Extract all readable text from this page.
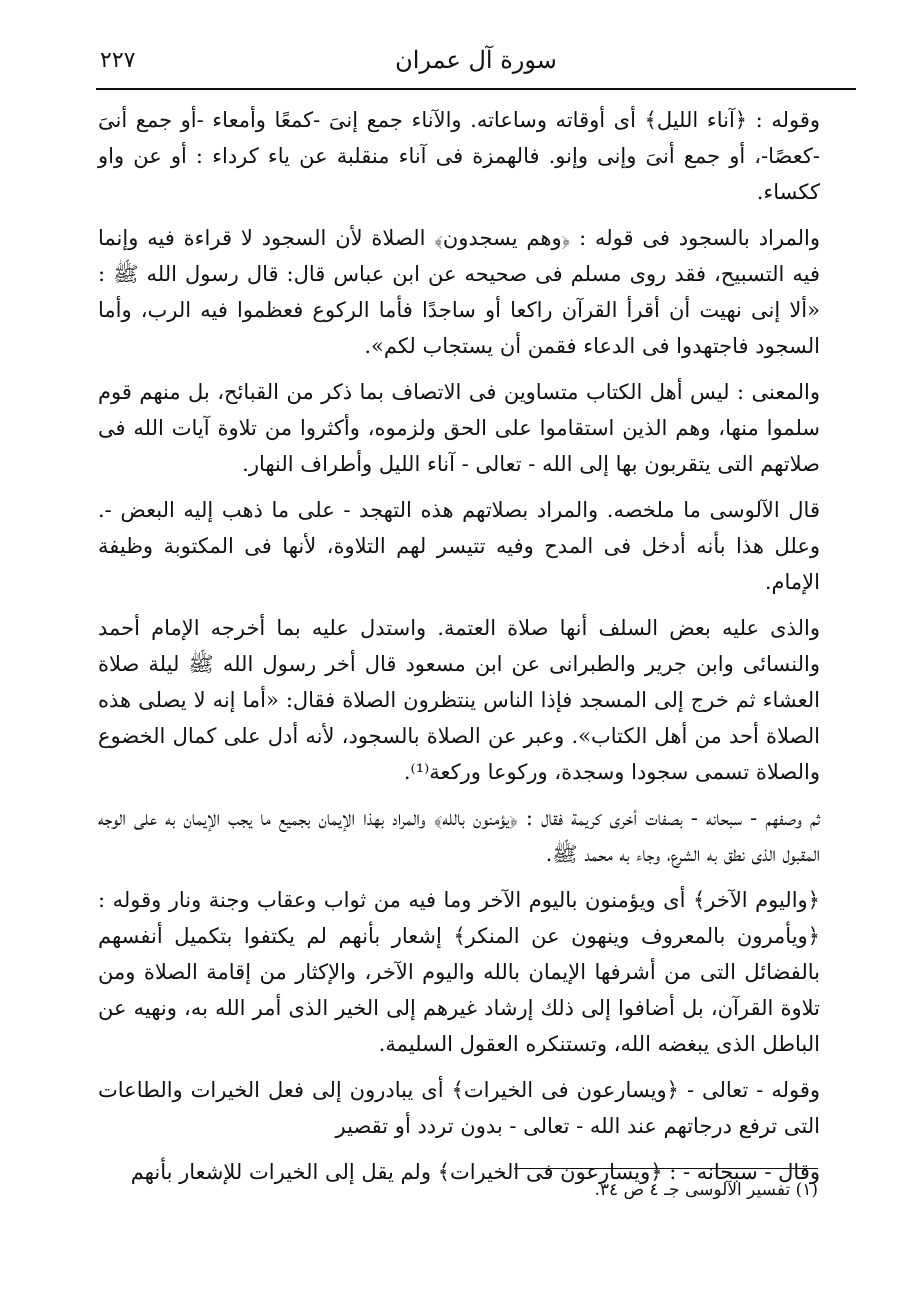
٢٢٧	سورة آل عمران

وقوله : ﴿آناء الليل﴾ أى أوقاته وساعاته. والآناء جمع إنىَ -كمعًا وأمعاء -أو جمع أنىَ -كعصًا-، أو جمع أنىَ وإنى وإنو. فالهمزة فى آناء منقلبة عن ياء كرداء : أو عن واو ككساء.

والمراد بالسجود فى قوله : ﴿وهم يسجدون﴾ الصلاة لأن السجود لا قراءة فيه وإنما فيه التسبيح، فقد روى مسلم فى صحيحه عن ابن عباس قال: قال رسول الله ﷺ : «ألا إنى نهيت أن أقرأ القرآن راكعا أو ساجدًا فأما الركوع فعظموا فيه الرب، وأما السجود فاجتهدوا فى الدعاء فقمن أن يستجاب لكم».

والمعنى : ليس أهل الكتاب متساوين فى الاتصاف بما ذكر من القبائح، بل منهم قوم سلموا منها، وهم الذين استقاموا على الحق ولزموه، وأكثروا من تلاوة آيات الله فى صلاتهم التى يتقربون بها إلى الله - تعالى - آناء الليل وأطراف النهار.

قال الآلوسى ما ملخصه. والمراد بصلاتهم هذه التهجد - على ما ذهب إليه البعض -. وعلل هذا بأنه أدخل فى المدح وفيه تتيسر لهم التلاوة، لأنها فى المكتوبة وظيفة الإمام.

والذى عليه بعض السلف أنها صلاة العتمة. واستدل عليه بما أخرجه الإمام أحمد والنسائى وابن جرير والطبرانى عن ابن مسعود قال أخر رسول الله ﷺ ليلة صلاة العشاء ثم خرج إلى المسجد فإذا الناس ينتظرون الصلاة فقال: «أما إنه لا يصلى هذه الصلاة أحد من أهل الكتاب». وعبر عن الصلاة بالسجود، لأنه أدل على كمال الخضوع والصلاة تسمى سجودا وسجدة، وركوعا وركعة⁽¹⁾.

ثم وصفهم - سبحانه - بصفات أخرى كريمة فقال : ﴿يؤمنون بالله﴾ والمراد بهذا الإيمان بجميع ما يجب الإيمان به على الوجه المقبول الذى نطق به الشرع، وجاء به محمد ﷺ.

﴿واليوم الآخر﴾ أى ويؤمنون باليوم الآخر وما فيه من ثواب وعقاب وجنة ونار وقوله : ﴿ويأمرون بالمعروف وينهون عن المنكر﴾ إشعار بأنهم لم يكتفوا بتكميل أنفسهم بالفضائل التى من أشرفها الإيمان بالله واليوم الآخر، والإكثار من إقامة الصلاة ومن تلاوة القرآن، بل أضافوا إلى ذلك إرشاد غيرهم إلى الخير الذى أمر الله به، ونهيه عن الباطل الذى يبغضه الله، وتستنكره العقول السليمة.

وقوله - تعالى - ﴿ويسارعون فى الخيرات﴾ أى يبادرون إلى فعل الخيرات والطاعات التى ترفع درجاتهم عند الله - تعالى - بدون تردد أو تقصير

وقال - سبحانه - : ﴿ويسارعون فى الخيرات﴾ ولم يقل إلى الخيرات للإشعار بأنهم

(١) تفسير الآلوسى جـ ٤ ص ٣٤.
